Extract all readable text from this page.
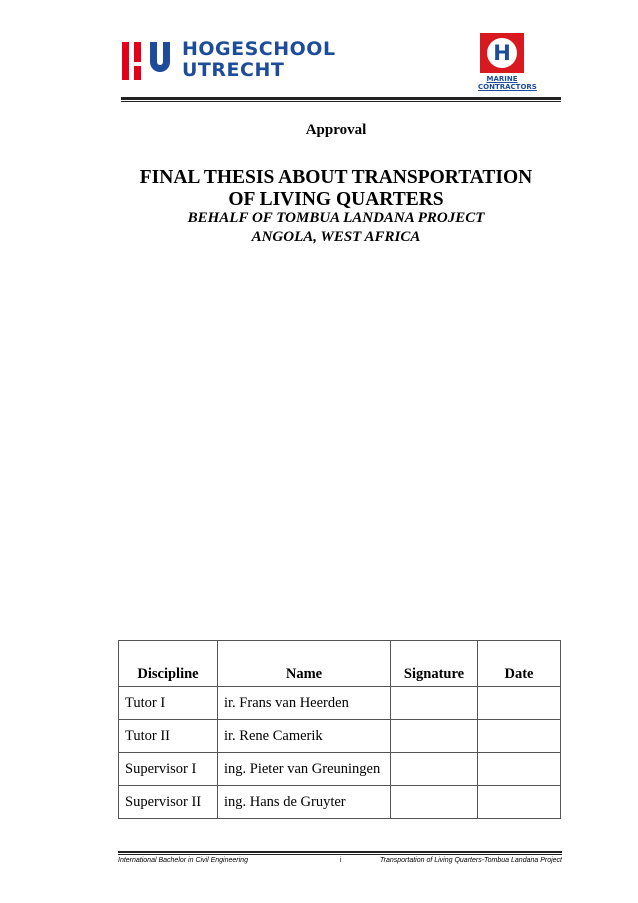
HOGESCHOOL
UTRECHT
H
MARINE
CONTRACTORS
Approval
FINAL THESIS ABOUT TRANSPORTATION
OF LIVING QUARTERS
BEHALF OF TOMBUA LANDANA PROJECT
ANGOLA, WEST AFRICA
Discipline	Name	Signature	Date
Tutor I	ir. Frans van Heerden		
Tutor II	ir. Rene Camerik		
Supervisor I	ing. Pieter van Greuningen		
Supervisor II	ing. Hans de Gruyter		
International Bachelor in Civil Engineering	i	Transportation of Living Quarters-Tombua Landana Project
